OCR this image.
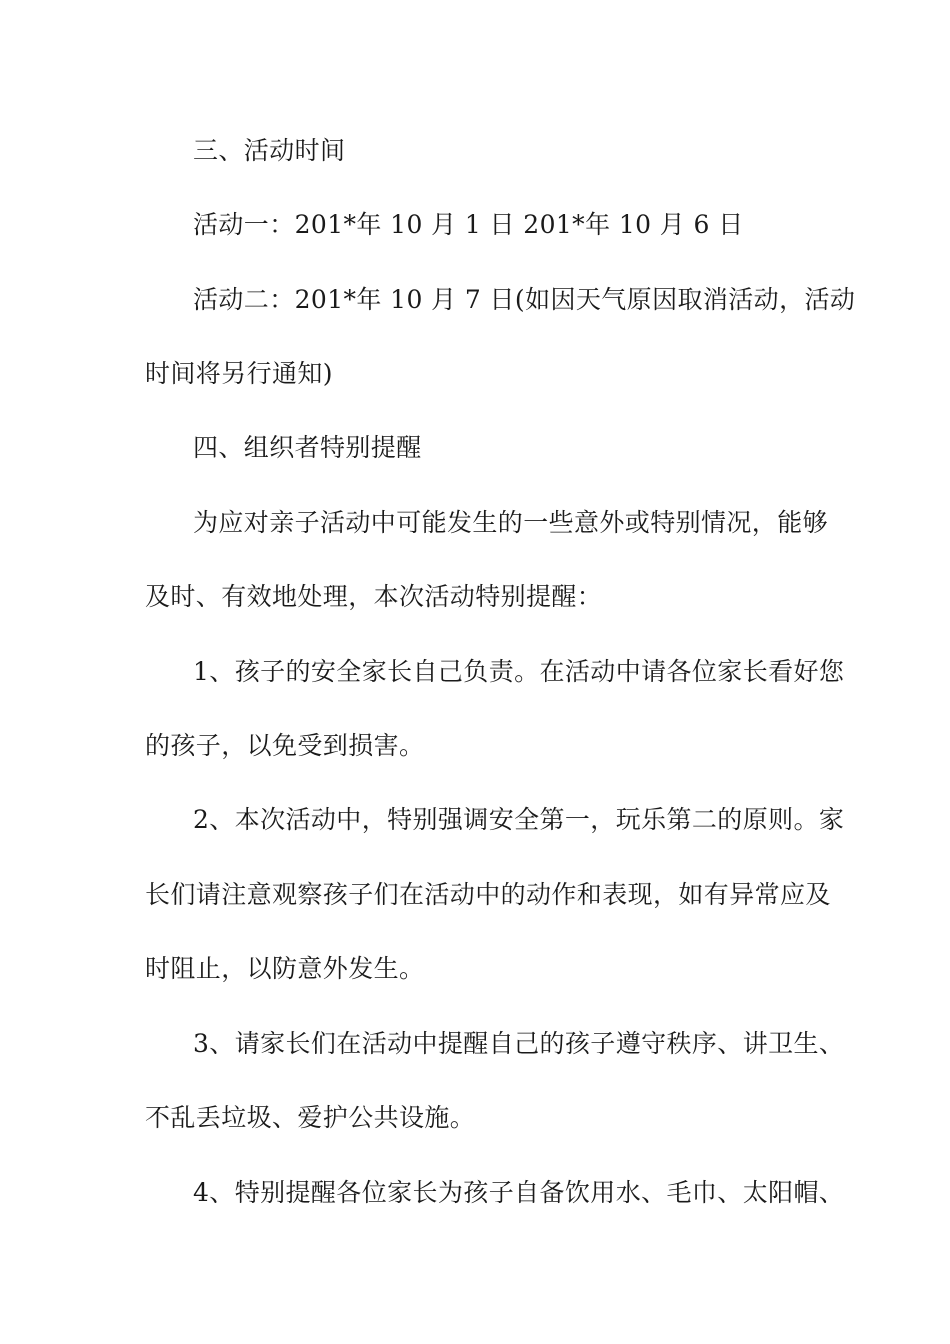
三、活动时间
活动一：201*年 10 月 1 日 201*年 10 月 6 日
活动二：201*年 10 月 7 日(如因天气原因取消活动，活动
时间将另行通知)
四、组织者特别提醒
为应对亲子活动中可能发生的一些意外或特别情况，能够
及时、有效地处理，本次活动特别提醒：
1、孩子的安全家长自己负责。在活动中请各位家长看好您
的孩子，以免受到损害。
2、本次活动中，特别强调安全第一，玩乐第二的原则。家
长们请注意观察孩子们在活动中的动作和表现，如有异常应及
时阻止，以防意外发生。
3、请家长们在活动中提醒自己的孩子遵守秩序、讲卫生、
不乱丢垃圾、爱护公共设施。
4、特别提醒各位家长为孩子自备饮用水、毛巾、太阳帽、
